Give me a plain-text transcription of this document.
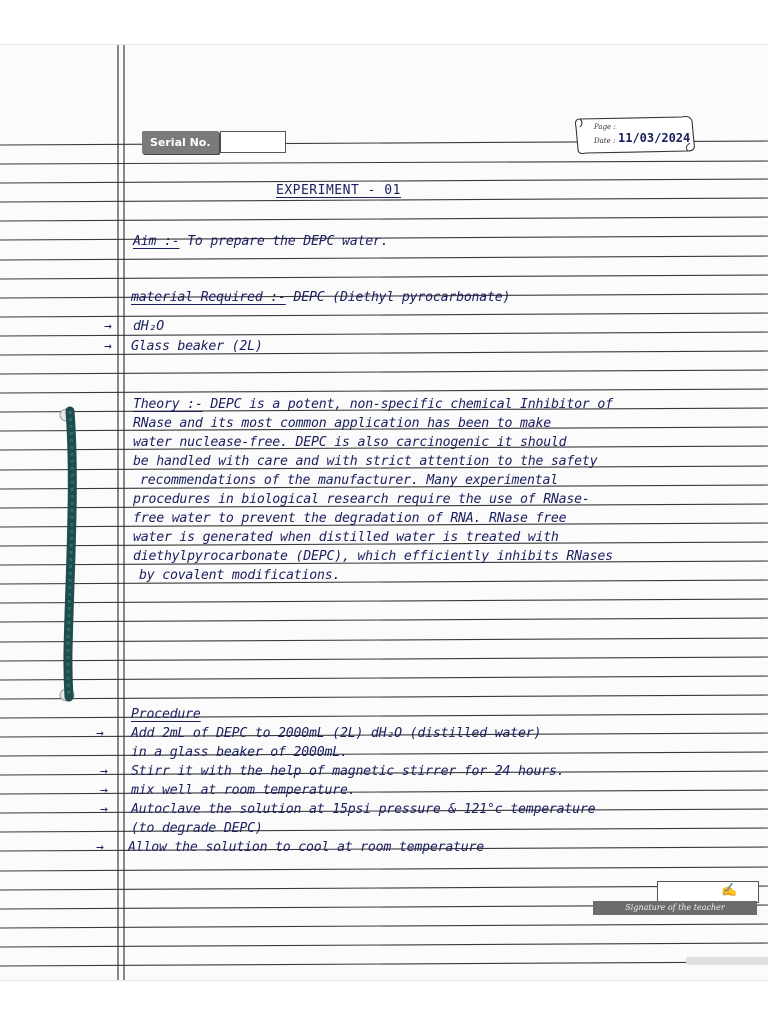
Serial No.
Page :
Date : 11/03/2024
EXPERIMENT - 01
Aim :- To prepare the DEPC water.
material Required :- DEPC (Diethyl pyrocarbonate)
→ dH₂O
→ Glass beaker (2L)
Theory :- DEPC is a potent, non-specific chemical Inhibitor of
RNase and its most common application has been to make
water nuclease-free. DEPC is also carcinogenic it should
be handled with care and with strict attention to the safety
recommendations of the manufacturer. Many experimental
procedures in biological research require the use of RNase-
free water to prevent the degradation of RNA. RNase free
water is generated when distilled water is treated with
diethylpyrocarbonate (DEPC), which efficiently inhibits RNases
by covalent modifications.
Procedure
→ Add 2mL of DEPC to 2000mL (2L) dH₂O (distilled water)
in a glass beaker of 2000mL.
→ Stirr it with the help of magnetic stirrer for 24 hours.
→ mix well at room temperature.
→ Autoclave the solution at 15psi pressure & 121°c temperature
(to degrade DEPC)
→ Allow the solution to cool at room temperature
✍
Signature of the teacher
